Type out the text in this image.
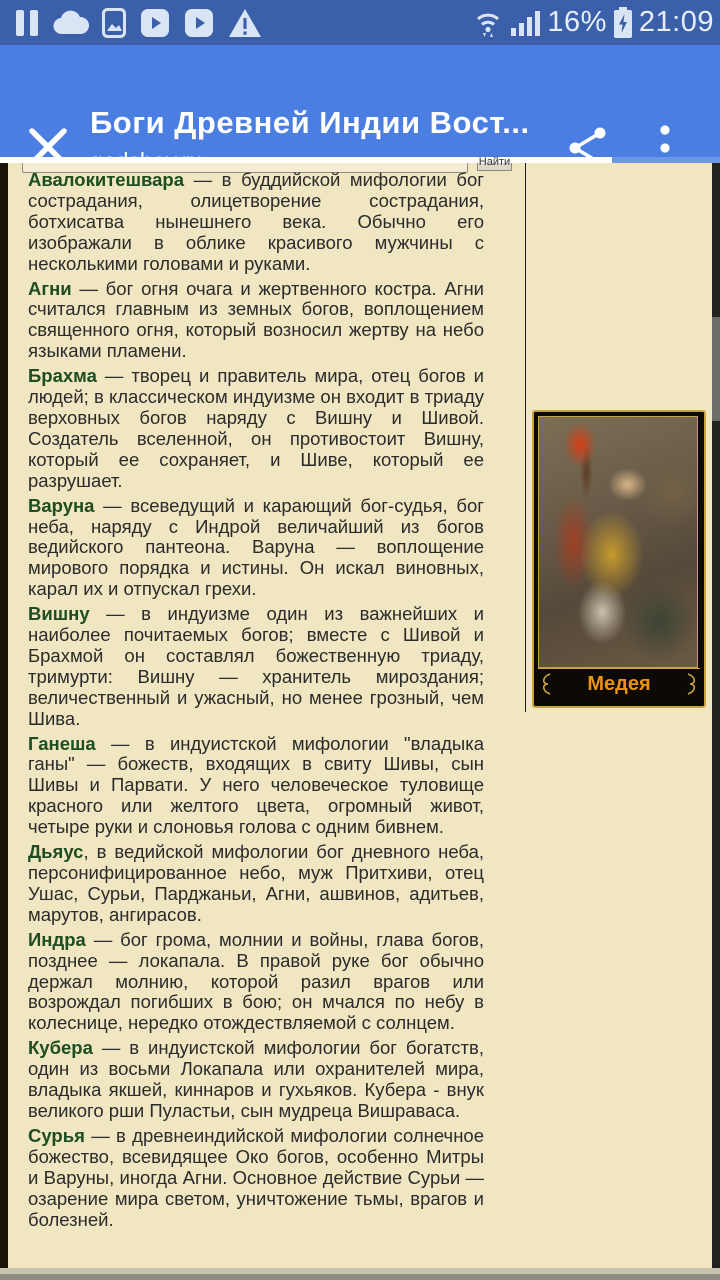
16% 21:09
Боги Древней Индии Вост...
Найти

Авалокитешвара — в буддийской мифологии бог сострадания, олицетворение сострадания, ботхисатва нынешнего века. Обычно его изображали в облике красивого мужчины с несколькими головами и руками.

Агни — бог огня очага и жертвенного костра. Агни считался главным из земных богов, воплощением священного огня, который возносил жертву на небо языками пламени.

Брахма — творец и правитель мира, отец богов и людей; в классическом индуизме он входит в триаду верховных богов наряду с Вишну и Шивой. Создатель вселенной, он противостоит Вишну, который ее сохраняет, и Шиве, который ее разрушает.

Варуна — всеведущий и карающий бог-судья, бог неба, наряду с Индрой величайший из богов ведийского пантеона. Варуна — воплощение мирового порядка и истины. Он искал виновных, карал их и отпускал грехи.

Вишну — в индуизме один из важнейших и наиболее почитаемых богов; вместе с Шивой и Брахмой он составлял божественную триаду, тримурти: Вишну — хранитель мироздания; величественный и ужасный, но менее грозный, чем Шива.

Ганеша — в индуистской мифологии "владыка ганы" — божеств, входящих в свиту Шивы, сын Шивы и Парвати. У него человеческое туловище красного или желтого цвета, огромный живот, четыре руки и слоновья голова с одним бивнем.

Дьяус, в ведийской мифологии бог дневного неба, персонифицированное небо, муж Притхиви, отец Ушас, Сурьи, Парджаньи, Агни, ашвинов, адитьев, марутов, ангирасов.

Индра — бог грома, молнии и войны, глава богов, позднее — локапала. В правой руке бог обычно держал молнию, которой разил врагов или возрождал погибших в бою; он мчался по небу в колеснице, нередко отождествляемой с солнцем.

Кубера — в индуистской мифологии бог богатств, один из восьми Локапала или охранителей мира, владыка якшей, киннаров и гухьяков. Кубера - внук великого рши Пуластьи, сын мудреца Вишраваса.

Сурья — в древнеиндийской мифологии солнечное божество, всевидящее Око богов, особенно Митры и Варуны, иногда Агни. Основное действие Сурьи — озарение мира светом, уничтожение тьмы, врагов и болезней.

Медея
